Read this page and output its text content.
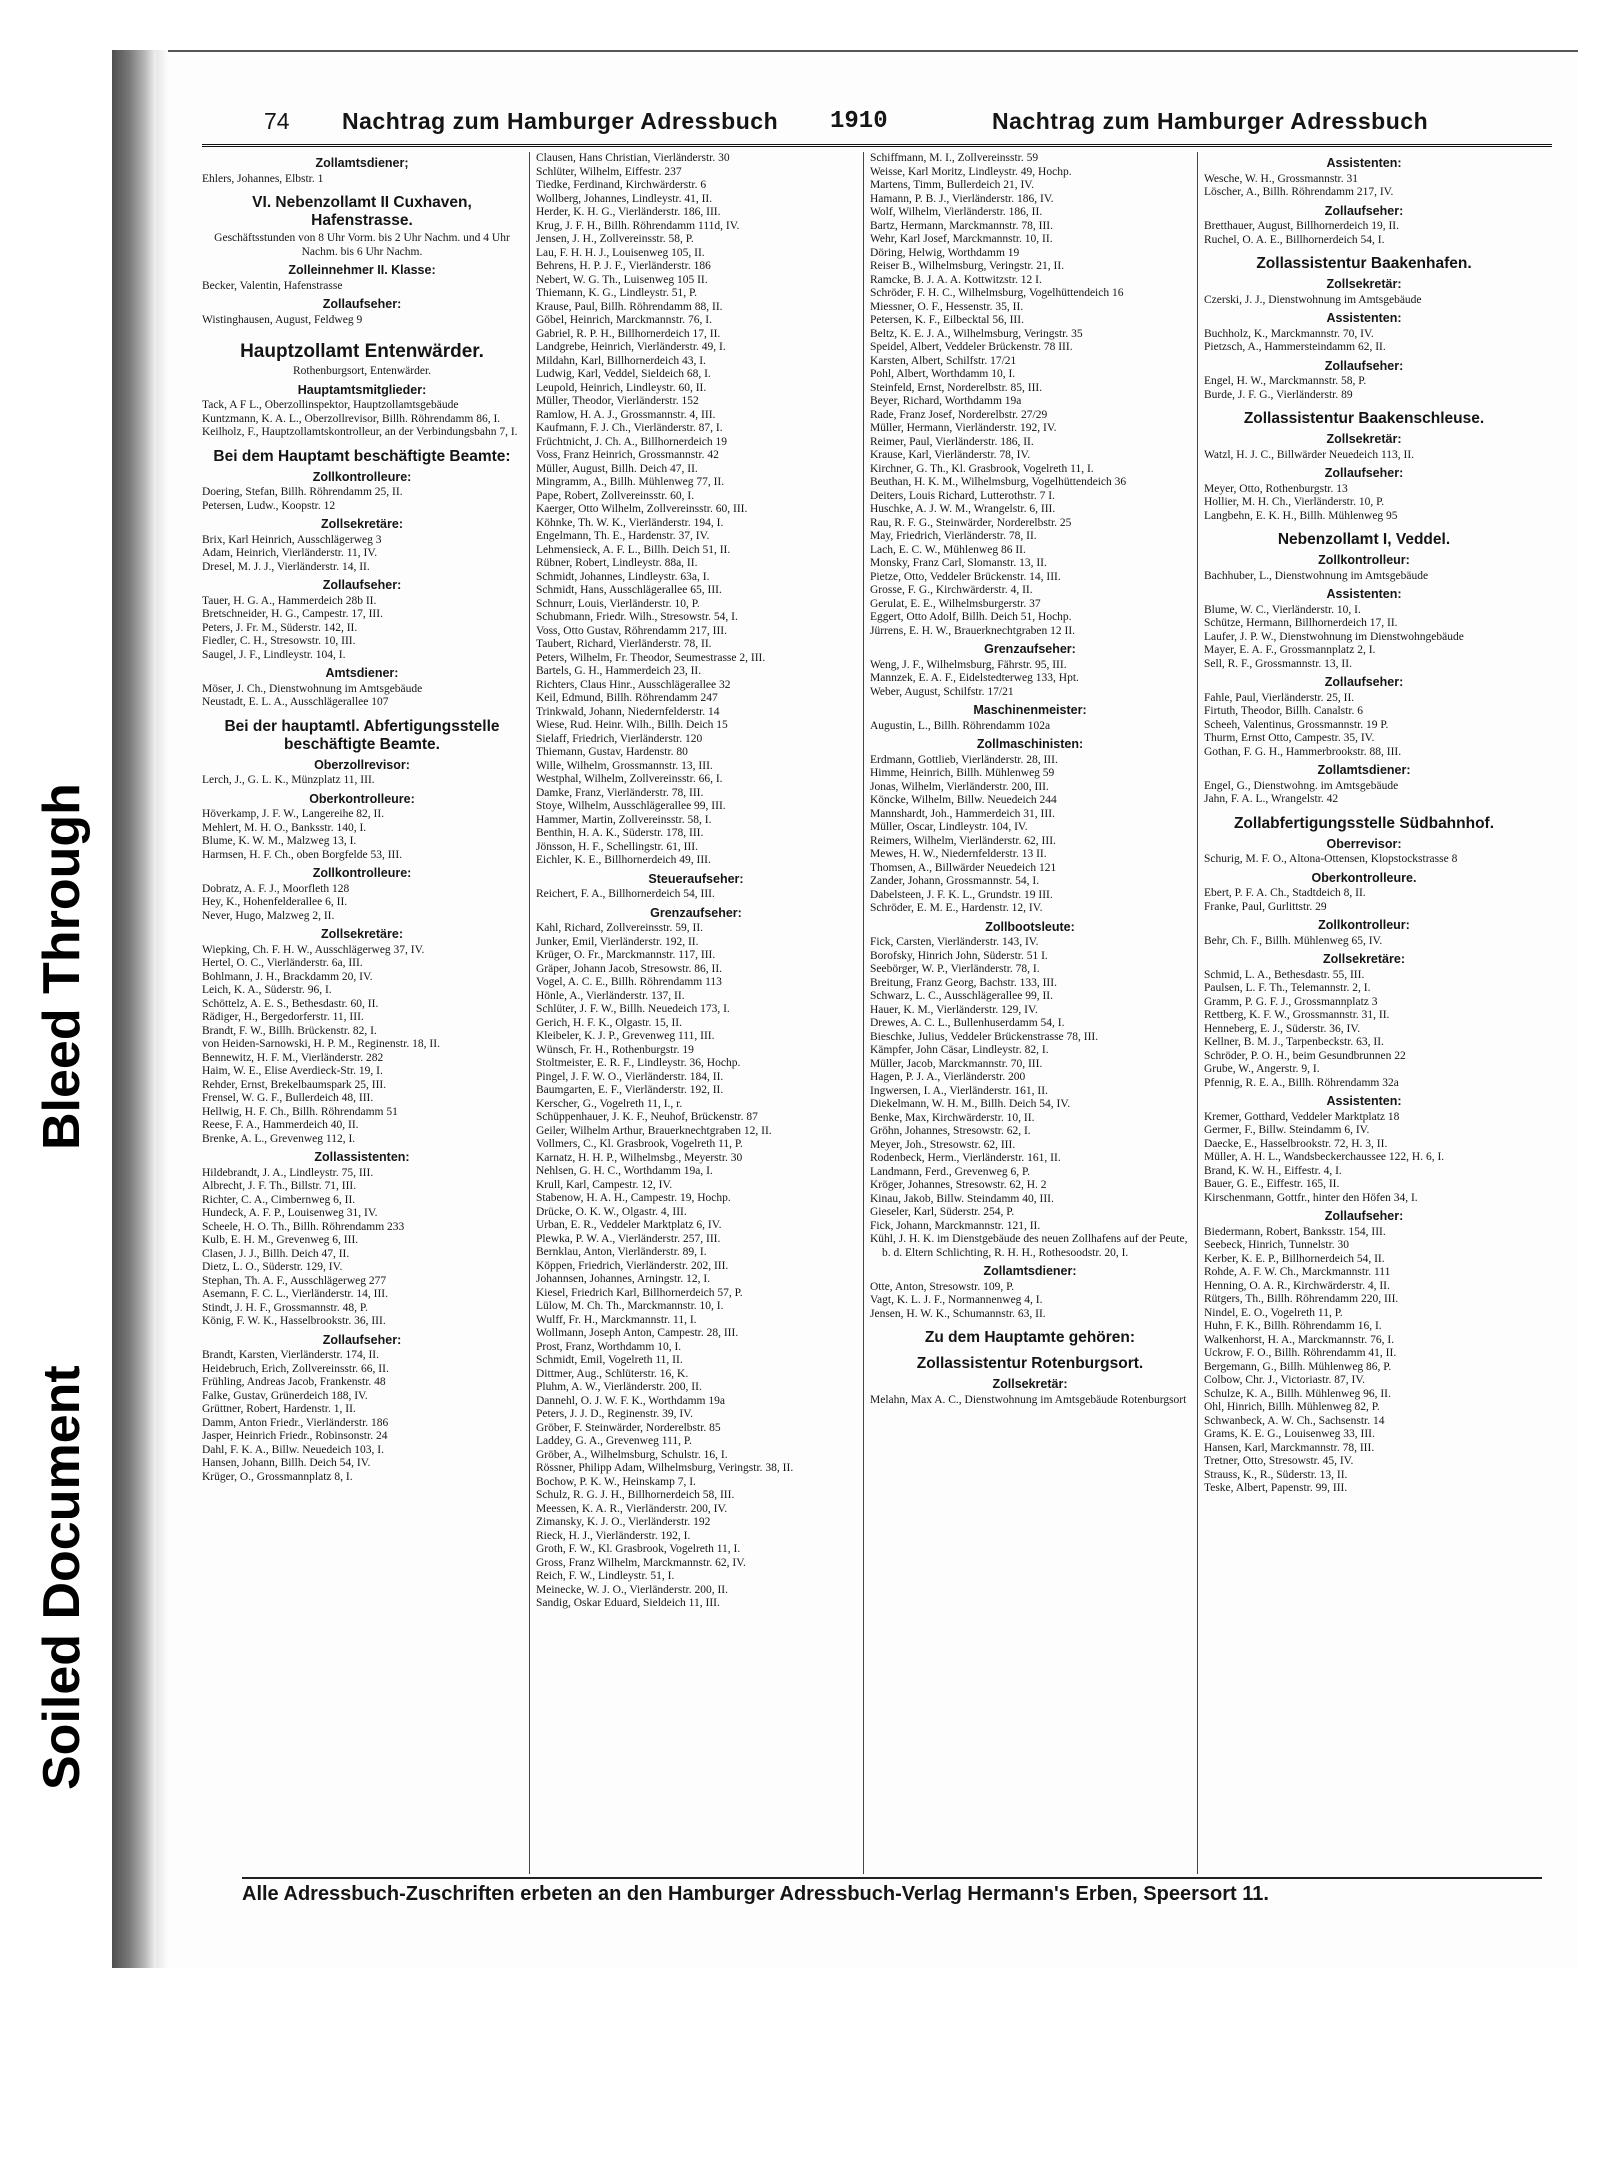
Soiled Document
Bleed Through
74 Nachtrag zum Hamburger Adressbuch 1910	Nachtrag zum Hamburger Adressbuch

Zollamtsdiener;

Ehlers, Johannes, Elbstr. 1

VI. Nebenzollamt II Cuxhaven, Hafenstrasse.

Geschäftsstunden von 8 Uhr Vorm. bis 2 Uhr Nachm. und 4 Uhr Nachm. bis 6 Uhr Nachm.

Zolleinnehmer II. Klasse:

Becker, Valentin, Hafenstrasse

Zollaufseher:

Wistinghausen, August, Feldweg 9

Hauptzollamt Entenwärder.

Rothenburgsort, Entenwärder.

Hauptamtsmitglieder:

Tack, A F L., Oberzollinspektor, Hauptzollamtsgebäude

Kuntzmann, K. A. L., Oberzollrevisor, Billh. Röhrendamm 86, I.

Keilholz, F., Hauptzollamtskontrolleur, an der Verbindungsbahn 7, I.

Bei dem Hauptamt beschäftigte Beamte:

Zollkontrolleure:

Doering, Stefan, Billh. Röhrendamm 25, II.

Petersen, Ludw., Koopstr. 12

Zollsekretäre:

Brix, Karl Heinrich, Ausschlägerweg 3

Adam, Heinrich, Vierländerstr. 11, IV.

Dresel, M. J. J., Vierländerstr. 14, II.

Zollaufseher:

Tauer, H. G. A., Hammerdeich 28b II.

Bretschneider, H. G., Campestr. 17, III.

Peters, J. Fr. M., Süderstr. 142, II.

Fiedler, C. H., Stresowstr. 10, III.

Saugel, J. F., Lindleystr. 104, I.

Amtsdiener:

Möser, J. Ch., Dienstwohnung im Amtsgebäude

Neustadt, E. L. A., Ausschlägerallee 107

Bei der hauptamtl. Abfertigungsstelle beschäftigte Beamte.

Oberzollrevisor:

Lerch, J., G. L. K., Münzplatz 11, III.

Oberkontrolleure:

Höverkamp, J. F. W., Langereihe 82, II.

Mehlert, M. H. O., Banksstr. 140, I.

Blume, K. W. M., Malzweg 13, I.

Harmsen, H. F. Ch., oben Borgfelde 53, III.

Zollkontrolleure:

Dobratz, A. F. J., Moorfleth 128

Hey, K., Hohenfelderallee 6, II.

Never, Hugo, Malzweg 2, II.

Zollsekretäre:

Wiepking, Ch. F. H. W., Ausschlägerweg 37, IV.

Hertel, O. C., Vierländerstr. 6a, III.

Bohlmann, J. H., Brackdamm 20, IV.

Leich, K. A., Süderstr. 96, I.

Schöttelz, A. E. S., Bethesdastr. 60, II.

Rädiger, H., Bergedorferstr. 11, III.

Brandt, F. W., Billh. Brückenstr. 82, I.

von Heiden-Sarnowski, H. P. M., Reginenstr. 18, II.

Bennewitz, H. F. M., Vierländerstr. 282

Haim, W. E., Elise Averdieck-Str. 19, I.

Rehder, Ernst, Brekelbaumspark 25, III.

Frensel, W. G. F., Bullerdeich 48, III.

Hellwig, H. F. Ch., Billh. Röhrendamm 51

Reese, F. A., Hammerdeich 40, II.

Brenke, A. L., Grevenweg 112, I.

Zollassistenten:

Hildebrandt, J. A., Lindleystr. 75, III.

Albrecht, J. F. Th., Billstr. 71, III.

Richter, C. A., Cimbernweg 6, II.

Hundeck, A. F. P., Louisenweg 31, IV.

Scheele, H. O. Th., Billh. Röhrendamm 233

Kulb, E. H. M., Grevenweg 6, III.

Clasen, J. J., Billh. Deich 47, II.

Dietz, L. O., Süderstr. 129, IV.

Stephan, Th. A. F., Ausschlägerweg 277

Asemann, F. C. L., Vierländerstr. 14, III.

Stindt, J. H. F., Grossmannstr. 48, P.

König, F. W. K., Hasselbrookstr. 36, III.

Zollaufseher:

Brandt, Karsten, Vierländerstr. 174, II.

Heidebruch, Erich, Zollvereinsstr. 66, II.

Frühling, Andreas Jacob, Frankenstr. 48

Falke, Gustav, Grünerdeich 188, IV.

Grüttner, Robert, Hardenstr. 1, II.

Damm, Anton Friedr., Vierländerstr. 186

Jasper, Heinrich Friedr., Robinsonstr. 24

Dahl, F. K. A., Billw. Neuedeich 103, I.

Hansen, Johann, Billh. Deich 54, IV.

Krüger, O., Grossmannplatz 8, I.

Clausen, Hans Christian, Vierländerstr. 30

Schlüter, Wilhelm, Eiffestr. 237

Tiedke, Ferdinand, Kirchwärderstr. 6

Wollberg, Johannes, Lindleystr. 41, II.

Herder, K. H. G., Vierländerstr. 186, III.

Krug, J. F. H., Billh. Röhrendamm 111d, IV.

Jensen, J. H., Zollvereinsstr. 58, P.

Lau, F. H. H. J., Louisenweg 105, II.

Behrens, H. P. J. F., Vierländerstr. 186

Nebert, W. G. Th., Luisenweg 105 II.

Thiemann, K. G., Lindleystr. 51, P.

Krause, Paul, Billh. Röhrendamm 88, II.

Göbel, Heinrich, Marckmannstr. 76, I.

Gabriel, R. P. H., Billhornerdeich 17, II.

Landgrebe, Heinrich, Vierländerstr. 49, I.

Mildahn, Karl, Billhornerdeich 43, I.

Ludwig, Karl, Veddel, Sieldeich 68, I.

Leupold, Heinrich, Lindleystr. 60, II.

Müller, Theodor, Vierländerstr. 152

Ramlow, H. A. J., Grossmannstr. 4, III.

Kaufmann, F. J. Ch., Vierländerstr. 87, I.

Früchtnicht, J. Ch. A., Billhornerdeich 19

Voss, Franz Heinrich, Grossmannstr. 42

Müller, August, Billh. Deich 47, II.

Mingramm, A., Billh. Mühlenweg 77, II.

Pape, Robert, Zollvereinsstr. 60, I.

Kaerger, Otto Wilhelm, Zollvereinsstr. 60, III.

Köhnke, Th. W. K., Vierländerstr. 194, I.

Engelmann, Th. E., Hardenstr. 37, IV.

Lehmensieck, A. F. L., Billh. Deich 51, II.

Rübner, Robert, Lindleystr. 88a, II.

Schmidt, Johannes, Lindleystr. 63a, I.

Schmidt, Hans, Ausschlägerallee 65, III.

Schnurr, Louis, Vierländerstr. 10, P.

Schubmann, Friedr. Wilh., Stresowstr. 54, I.

Voss, Otto Gustav, Röhrendamm 217, III.

Taubert, Richard, Vierländerstr. 78, II.

Peters, Wilhelm, Fr. Theodor, Seumestrasse 2, III.

Bartels, G. H., Hammerdeich 23, II.

Richters, Claus Hinr., Ausschlägerallee 32

Keil, Edmund, Billh. Röhrendamm 247

Trinkwald, Johann, Niedernfelderstr. 14

Wiese, Rud. Heinr. Wilh., Billh. Deich 15

Sielaff, Friedrich, Vierländerstr. 120

Thiemann, Gustav, Hardenstr. 80

Wille, Wilhelm, Grossmannstr. 13, III.

Westphal, Wilhelm, Zollvereinsstr. 66, I.

Damke, Franz, Vierländerstr. 78, III.

Stoye, Wilhelm, Ausschlägerallee 99, III.

Hammer, Martin, Zollvereinsstr. 58, I.

Benthin, H. A. K., Süderstr. 178, III.

Jönsson, H. F., Schellingstr. 61, III.

Eichler, K. E., Billhornerdeich 49, III.

Steueraufseher:

Reichert, F. A., Billhornerdeich 54, III.

Grenzaufseher:

Kahl, Richard, Zollvereinsstr. 59, II.

Junker, Emil, Vierländerstr. 192, II.

Krüger, O. Fr., Marckmannstr. 117, III.

Gräper, Johann Jacob, Stresowstr. 86, II.

Vogel, A. C. E., Billh. Röhrendamm 113

Hönle, A., Vierländerstr. 137, II.

Schlüter, J. F. W., Billh. Neuedeich 173, I.

Gerich, H. F. K., Olgastr. 15, II.

Kleibeler, K. J. P., Grevenweg 111, III.

Wünsch, Fr. H., Rothenburgstr. 19

Stoltmeister, E. R. F., Lindleystr. 36, Hochp.

Pingel, J. F. W. O., Vierländerstr. 184, II.

Baumgarten, E. F., Vierländerstr. 192, II.

Kerscher, G., Vogelreth 11, I., r.

Schüppenhauer, J. K. F., Neuhof, Brückenstr. 87

Geiler, Wilhelm Arthur, Brauerknechtgraben 12, II.

Vollmers, C., Kl. Grasbrook, Vogelreth 11, P.

Karnatz, H. H. P., Wilhelmsbg., Meyerstr. 30

Nehlsen, G. H. C., Worthdamm 19a, I.

Krull, Karl, Campestr. 12, IV.

Stabenow, H. A. H., Campestr. 19, Hochp.

Drücke, O. K. W., Olgastr. 4, III.

Urban, E. R., Veddeler Marktplatz 6, IV.

Plewka, P. W. A., Vierländerstr. 257, III.

Bernklau, Anton, Vierländerstr. 89, I.

Köppen, Friedrich, Vierländerstr. 202, III.

Johannsen, Johannes, Arningstr. 12, I.

Kiesel, Friedrich Karl, Billhornerdeich 57, P.

Lülow, M. Ch. Th., Marckmannstr. 10, I.

Wulff, Fr. H., Marckmannstr. 11, I.

Wollmann, Joseph Anton, Campestr. 28, III.

Prost, Franz, Worthdamm 10, I.

Schmidt, Emil, Vogelreth 11, II.

Dittmer, Aug., Schlüterstr. 16, K.

Pluhm, A. W., Vierländerstr. 200, II.

Dannehl, O. J. W. F. K., Worthdamm 19a

Peters, J. J. D., Reginenstr. 39, IV.

Gröber, F. Steinwärder, Norderelbstr. 85

Laddey, G. A., Grevenweg 111, P.

Gröber, A., Wilhelmsburg, Schulstr. 16, I.

Rössner, Philipp Adam, Wilhelmsburg, Veringstr. 38, II.

Bochow, P. K. W., Heinskamp 7, I.

Schulz, R. G. J. H., Billhornerdeich 58, III.

Meessen, K. A. R., Vierländerstr. 200, IV.

Zimansky, K. J. O., Vierländerstr. 192

Rieck, H. J., Vierländerstr. 192, I.

Groth, F. W., Kl. Grasbrook, Vogelreth 11, I.

Gross, Franz Wilhelm, Marckmannstr. 62, IV.

Reich, F. W., Lindleystr. 51, I.

Meinecke, W. J. O., Vierländerstr. 200, II.

Sandig, Oskar Eduard, Sieldeich 11, III.

Schiffmann, M. I., Zollvereinsstr. 59

Weisse, Karl Moritz, Lindleystr. 49, Hochp.

Martens, Timm, Bullerdeich 21, IV.

Hamann, P. B. J., Vierländerstr. 186, IV.

Wolf, Wilhelm, Vierländerstr. 186, II.

Bartz, Hermann, Marckmannstr. 78, III.

Wehr, Karl Josef, Marckmannstr. 10, II.

Döring, Helwig, Worthdamm 19

Reiser B., Wilhelmsburg, Veringstr. 21, II.

Ramcke, B. J. A. A. Kottwitzstr. 12 I.

Schröder, F. H. C., Wilhelmsburg, Vogelhüttendeich 16

Miessner, O. F., Hessenstr. 35, II.

Petersen, K. F., Eilbecktal 56, III.

Beltz, K. E. J. A., Wilhelmsburg, Veringstr. 35

Speidel, Albert, Veddeler Brückenstr. 78 III.

Karsten, Albert, Schilfstr. 17/21

Pohl, Albert, Worthdamm 10, I.

Steinfeld, Ernst, Norderelbstr. 85, III.

Beyer, Richard, Worthdamm 19a

Rade, Franz Josef, Norderelbstr. 27/29

Müller, Hermann, Vierländerstr. 192, IV.

Reimer, Paul, Vierländerstr. 186, II.

Krause, Karl, Vierländerstr. 78, IV.

Kirchner, G. Th., Kl. Grasbrook, Vogelreth 11, I.

Beuthan, H. K. M., Wilhelmsburg, Vogelhüttendeich 36

Deiters, Louis Richard, Lutterothstr. 7 I.

Huschke, A. J. W. M., Wrangelstr. 6, III.

Rau, R. F. G., Steinwärder, Norderelbstr. 25

May, Friedrich, Vierländerstr. 78, II.

Lach, E. C. W., Mühlenweg 86 II.

Monsky, Franz Carl, Slomanstr. 13, II.

Pietze, Otto, Veddeler Brückenstr. 14, III.

Grosse, F. G., Kirchwärderstr. 4, II.

Gerulat, E. E., Wilhelmsburgerstr. 37

Eggert, Otto Adolf, Billh. Deich 51, Hochp.

Jürrens, E. H. W., Brauerknechtgraben 12 II.

Grenzaufseher:

Weng, J. F., Wilhelmsburg, Fährstr. 95, III.

Mannzek, E. A. F., Eidelstedterweg 133, Hpt.

Weber, August, Schilfstr. 17/21

Maschinenmeister:

Augustin, L., Billh. Röhrendamm 102a

Zollmaschinisten:

Erdmann, Gottlieb, Vierländerstr. 28, III.

Himme, Heinrich, Billh. Mühlenweg 59

Jonas, Wilhelm, Vierländerstr. 200, III.

Köncke, Wilhelm, Billw. Neuedeich 244

Mannshardt, Joh., Hammerdeich 31, III.

Müller, Oscar, Lindleystr. 104, IV.

Reimers, Wilhelm, Vierländerstr. 62, III.

Mewes, H. W., Niedernfelderstr. 13 II.

Thomsen, A., Billwärder Neuedeich 121

Zander, Johann, Grossmannstr. 54, I.

Dabelsteen, J. F. K. L., Grundstr. 19 III.

Schröder, E. M. E., Hardenstr. 12, IV.

Zollbootsleute:

Fick, Carsten, Vierländerstr. 143, IV.

Borofsky, Hinrich John, Süderstr. 51 I.

Seebörger, W. P., Vierländerstr. 78, I.

Breitung, Franz Georg, Bachstr. 133, III.

Schwarz, L. C., Ausschlägerallee 99, II.

Hauer, K. M., Vierländerstr. 129, IV.

Drewes, A. C. L., Bullenhuserdamm 54, I.

Bieschke, Julius, Veddeler Brückenstrasse 78, III.

Kämpfer, John Cäsar, Lindleystr. 82, I.

Müller, Jacob, Marckmannstr. 70, III.

Hagen, P. J. A., Vierländerstr. 200

Ingwersen, I. A., Vierländerstr. 161, II.

Diekelmann, W. H. M., Billh. Deich 54, IV.

Benke, Max, Kirchwärderstr. 10, II.

Gröhn, Johannes, Stresowstr. 62, I.

Meyer, Joh., Stresowstr. 62, III.

Rodenbeck, Herm., Vierländerstr. 161, II.

Landmann, Ferd., Grevenweg 6, P.

Kröger, Johannes, Stresowstr. 62, H. 2

Kinau, Jakob, Billw. Steindamm 40, III.

Gieseler, Karl, Süderstr. 254, P.

Fick, Johann, Marckmannstr. 121, II.

Kühl, J. H. K. im Dienstgebäude des neuen Zollhafens auf der Peute, b. d. Eltern Schlichting, R. H. H., Rothesoodstr. 20, I.

Zollamtsdiener:

Otte, Anton, Stresowstr. 109, P.

Vagt, K. L. J. F., Normannenweg 4, I.

Jensen, H. W. K., Schumannstr. 63, II.

Zu dem Hauptamte gehören:

Zollassistentur Rotenburgsort.

Zollsekretär:

Melahn, Max A. C., Dienstwohnung im Amtsgebäude Rotenburgsort

Assistenten:

Wesche, W. H., Grossmannstr. 31

Löscher, A., Billh. Röhrendamm 217, IV.

Zollaufseher:

Bretthauer, August, Billhornerdeich 19, II.

Ruchel, O. A. E., Billhornerdeich 54, I.

Zollassistentur Baakenhafen.

Zollsekretär:

Czerski, J. J., Dienstwohnung im Amtsgebäude

Assistenten:

Buchholz, K., Marckmannstr. 70, IV.

Pietzsch, A., Hammersteindamm 62, II.

Zollaufseher:

Engel, H. W., Marckmannstr. 58, P.

Burde, J. F. G., Vierländerstr. 89

Zollassistentur Baakenschleuse.

Zollsekretär:

Watzl, H. J. C., Billwärder Neuedeich 113, II.

Zollaufseher:

Meyer, Otto, Rothenburgstr. 13

Hollier, M. H. Ch., Vierländerstr. 10, P.

Langbehn, E. K. H., Billh. Mühlenweg 95

Nebenzollamt I, Veddel.

Zollkontrolleur:

Bachhuber, L., Dienstwohnung im Amtsgebäude

Assistenten:

Blume, W. C., Vierländerstr. 10, I.

Schütze, Hermann, Billhornerdeich 17, II.

Laufer, J. P. W., Dienstwohnung im Dienstwohngebäude

Mayer, E. A. F., Grossmannplatz 2, I.

Sell, R. F., Grossmannstr. 13, II.

Zollaufseher:

Fahle, Paul, Vierländerstr. 25, II.

Firtuth, Theodor, Billh. Canalstr. 6

Scheeh, Valentinus, Grossmannstr. 19 P.

Thurm, Ernst Otto, Campestr. 35, IV.

Gothan, F. G. H., Hammerbrookstr. 88, III.

Zollamtsdiener:

Engel, G., Dienstwohng. im Amtsgebäude

Jahn, F. A. L., Wrangelstr. 42

Zollabfertigungsstelle Südbahnhof.

Oberrevisor:

Schurig, M. F. O., Altona-Ottensen, Klopstockstrasse 8

Oberkontrolleure.

Ebert, P. F. A. Ch., Stadtdeich 8, II.

Franke, Paul, Gurlittstr. 29

Zollkontrolleur:

Behr, Ch. F., Billh. Mühlenweg 65, IV.

Zollsekretäre:

Schmid, L. A., Bethesdastr. 55, III.

Paulsen, L. F. Th., Telemannstr. 2, I.

Gramm, P. G. F. J., Grossmannplatz 3

Rettberg, K. F. W., Grossmannstr. 31, II.

Henneberg, E. J., Süderstr. 36, IV.

Kellner, B. M. J., Tarpenbeckstr. 63, II.

Schröder, P. O. H., beim Gesundbrunnen 22

Grube, W., Angerstr. 9, I.

Pfennig, R. E. A., Billh. Röhrendamm 32a

Assistenten:

Kremer, Gotthard, Veddeler Marktplatz 18

Germer, F., Billw. Steindamm 6, IV.

Daecke, E., Hasselbrookstr. 72, H. 3, II.

Müller, A. H. L., Wandsbeckerchaussee 122, H. 6, I.

Brand, K. W. H., Eiffestr. 4, I.

Bauer, G. E., Eiffestr. 165, II.

Kirschenmann, Gottfr., hinter den Höfen 34, I.

Zollaufseher:

Biedermann, Robert, Banksstr. 154, III.

Seebeck, Hinrich, Tunnelstr. 30

Kerber, K. E. P., Billhornerdeich 54, II.

Rohde, A. F. W. Ch., Marckmannstr. 111

Henning, O. A. R., Kirchwärderstr. 4, II.

Rütgers, Th., Billh. Röhrendamm 220, III.

Nindel, E. O., Vogelreth 11, P.

Huhn, F. K., Billh. Röhrendamm 16, I.

Walkenhorst, H. A., Marckmannstr. 76, I.

Uckrow, F. O., Billh. Röhrendamm 41, II.

Bergemann, G., Billh. Mühlenweg 86, P.

Colbow, Chr. J., Victoriastr. 87, IV.

Schulze, K. A., Billh. Mühlenweg 96, II.

Ohl, Hinrich, Billh. Mühlenweg 82, P.

Schwanbeck, A. W. Ch., Sachsenstr. 14

Grams, K. E. G., Louisenweg 33, III.

Hansen, Karl, Marckmannstr. 78, III.

Tretner, Otto, Stresowstr. 45, IV.

Strauss, K., R., Süderstr. 13, II.

Teske, Albert, Papenstr. 99, III.

Alle Adressbuch-Zuschriften erbeten an den Hamburger Adressbuch-Verlag Hermann's Erben, Speersort 11.
